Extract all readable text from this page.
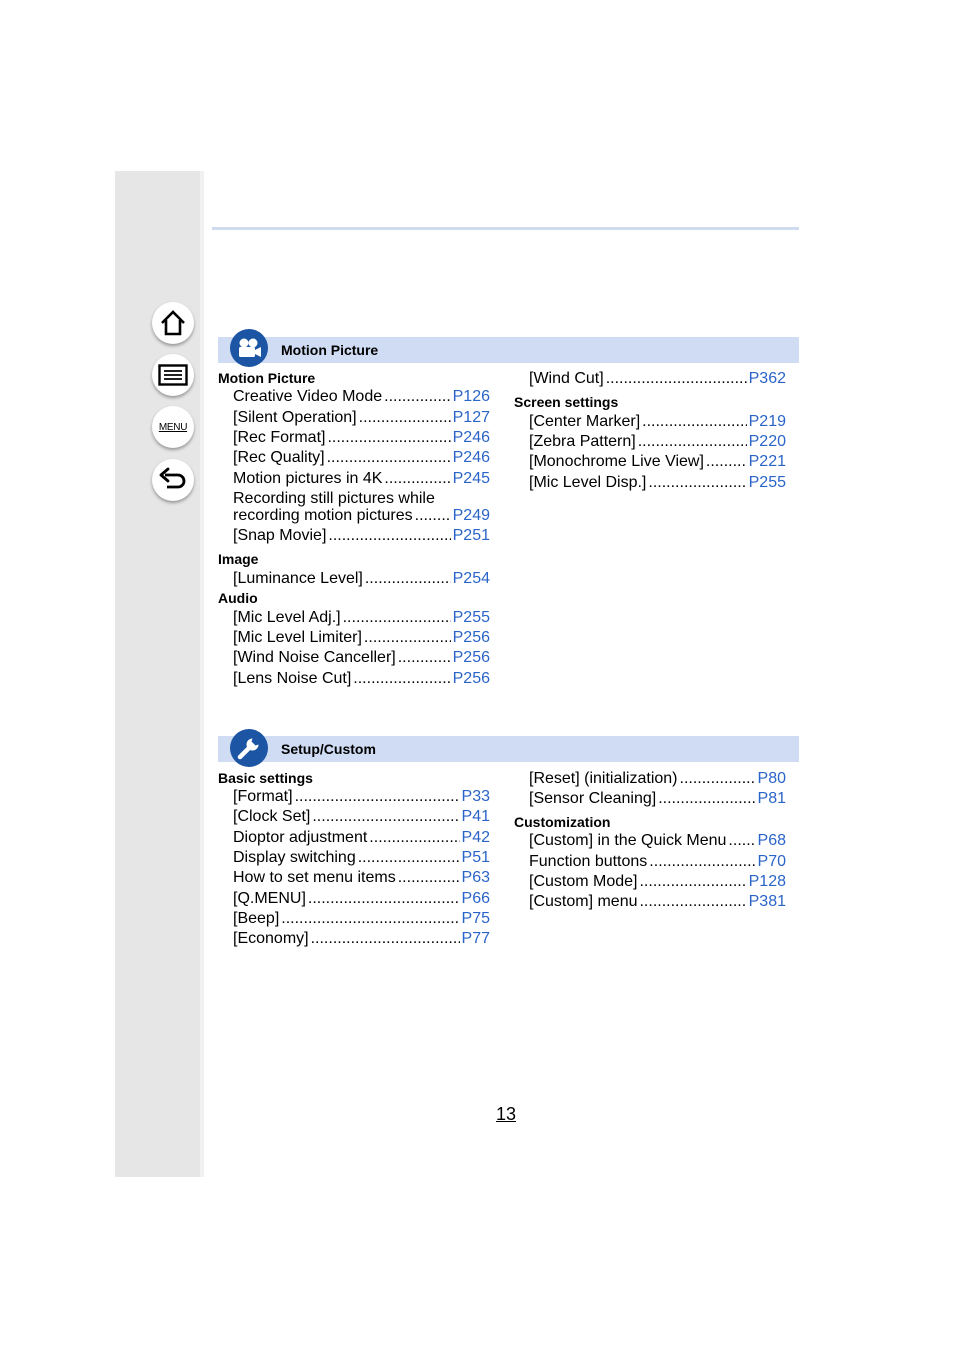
MENU
Motion Picture
Motion Picture
Creative Video Mode .....	P126
[Silent Operation] .....	P127
[Rec Format] .....	P246
[Rec Quality] .....	P246
Motion pictures in 4K .....	P245
Recording still pictures while
recording motion pictures ..... P249
[Snap Movie] .....	P251
Image
[Luminance Level] .....	P254
Audio
[Mic Level Adj.] .....	P255
[Mic Level Limiter] .....	P256
[Wind Noise Canceller] .....	P256
[Lens Noise Cut] .....	P256
[Wind Cut] .....	P362
Screen settings
[Center Marker] .....	P219
[Zebra Pattern] .....	P220
[Monochrome Live View] .....	P221
[Mic Level Disp.] .....	P255
Setup/Custom
Basic settings
[Format] .....	P33
[Clock Set] .....	P41
Dioptor adjustment .....	P42
Display switching .....	P51
How to set menu items .....	P63
[Q.MENU] .....	P66
[Beep] .....	P75
[Economy] .....	P77
[Reset] (initialization) .....	P80
[Sensor Cleaning] .....	P81
Customization
[Custom] in the Quick Menu ..... P68
Function buttons .....	P70
[Custom Mode] .....	P128
[Custom] menu .....	P381
13
